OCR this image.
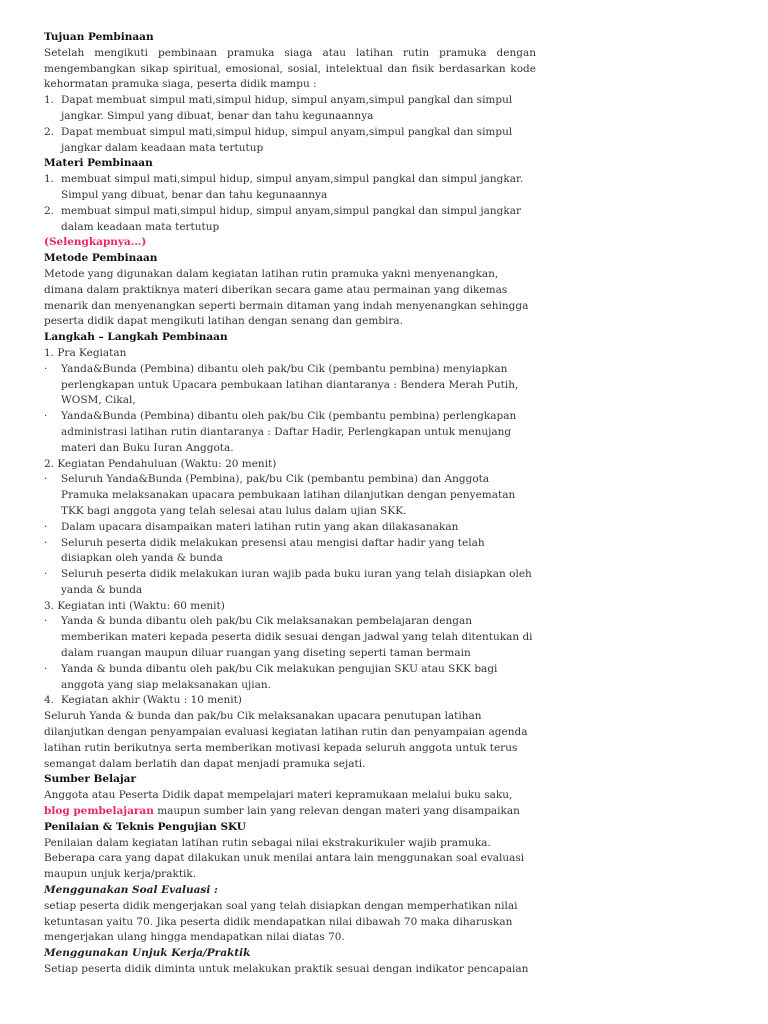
Tujuan Pembinaan
Setelah mengikuti pembinaan pramuka siaga atau latihan rutin pramuka dengan mengembangkan sikap spiritual, emosional, sosial, intelektual dan fisik berdasarkan kode kehormatan pramuka siaga, peserta didik mampu :
1. Dapat membuat simpul mati,simpul hidup, simpul anyam,simpul pangkal dan simpul jangkar. Simpul yang dibuat, benar dan tahu kegunaannya
2. Dapat membuat simpul mati,simpul hidup, simpul anyam,simpul pangkal dan simpul jangkar dalam keadaan mata tertutup
Materi Pembinaan
1. membuat simpul mati,simpul hidup, simpul anyam,simpul pangkal dan simpul jangkar. Simpul yang dibuat, benar dan tahu kegunaannya
2. membuat simpul mati,simpul hidup, simpul anyam,simpul pangkal dan simpul jangkar dalam keadaan mata tertutup
(Selengkapnya…)
Metode Pembinaan
Metode yang digunakan dalam kegiatan latihan rutin pramuka yakni menyenangkan, dimana dalam praktiknya materi diberikan secara game atau permainan yang dikemas menarik dan menyenangkan seperti bermain ditaman yang indah menyenangkan sehingga peserta didik dapat mengikuti latihan dengan senang dan gembira.
Langkah – Langkah Pembinaan
1. Pra Kegiatan
·	Yanda&Bunda (Pembina) dibantu oleh pak/bu Cik (pembantu pembina) menyiapkan perlengkapan untuk Upacara pembukaan latihan diantaranya : Bendera Merah Putih, WOSM, Cikal,
·	Yanda&Bunda (Pembina) dibantu oleh pak/bu Cik (pembantu pembina) perlengkapan administrasi latihan rutin diantaranya : Daftar Hadir, Perlengkapan untuk menujang materi dan Buku Iuran Anggota.
2. Kegiatan Pendahuluan (Waktu: 20 menit)
·	Seluruh Yanda&Bunda (Pembina), pak/bu Cik (pembantu pembina) dan Anggota Pramuka melaksanakan upacara pembukaan latihan dilanjutkan dengan penyematan TKK bagi anggota yang telah selesai atau lulus dalam ujian SKK.
·	Dalam upacara disampaikan materi latihan rutin yang akan dilakasanakan
·	Seluruh peserta didik melakukan presensi atau mengisi daftar hadir yang telah disiapkan oleh yanda & bunda
·	Seluruh peserta didik melakukan iuran wajib pada buku iuran yang telah disiapkan oleh yanda & bunda
3. Kegiatan inti (Waktu: 60 menit)
·	Yanda & bunda dibantu oleh pak/bu Cik melaksanakan pembelajaran dengan memberikan materi kepada peserta didik sesuai dengan jadwal yang telah ditentukan di dalam ruangan maupun diluar ruangan yang diseting seperti taman bermain
·	Yanda & bunda dibantu oleh pak/bu Cik melakukan pengujian SKU atau SKK bagi anggota yang siap melaksanakan ujian.
4. Kegiatan akhir (Waktu : 10 menit)
Seluruh Yanda & bunda dan pak/bu Cik melaksanakan upacara penutupan latihan dilanjutkan dengan penyampaian evaluasi kegiatan latihan rutin dan penyampaian agenda latihan rutin berikutnya serta memberikan motivasi kepada seluruh anggota untuk terus semangat dalam berlatih dan dapat menjadi pramuka sejati.
Sumber Belajar
Anggota atau Peserta Didik dapat mempelajari materi kepramukaan melalui buku saku, blog pembelajaran maupun sumber lain yang relevan dengan materi yang disampaikan
Penilaian & Teknis Pengujian SKU
Penilaian dalam kegiatan latihan rutin sebagai nilai ekstrakurikuler wajib pramuka.
Beberapa cara yang dapat dilakukan unuk menilai antara lain menggunakan soal evaluasi maupun unjuk kerja/praktik.
Menggunakan Soal Evaluasi :
setiap peserta didik mengerjakan soal yang telah disiapkan dengan memperhatikan nilai ketuntasan yaitu 70. Jika peserta didik mendapatkan nilai dibawah 70 maka diharuskan mengerjakan ulang hingga mendapatkan nilai diatas 70.
Menggunakan Unjuk Kerja/Praktik
Setiap peserta didik diminta untuk melakukan praktik sesuai dengan indikator pencapaian
